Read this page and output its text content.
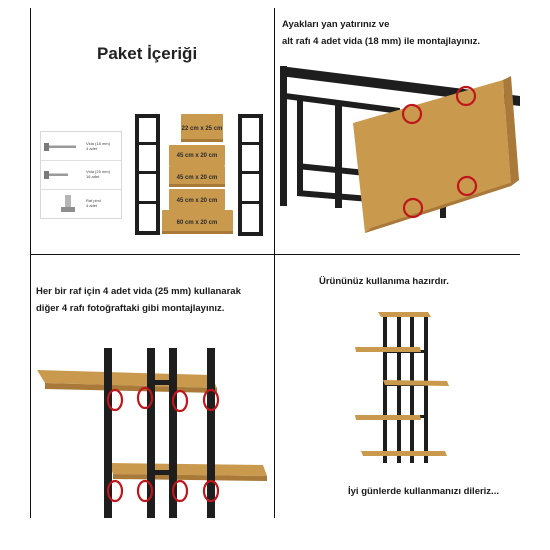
Paket İçeriği
Vida (18 mm)
4 adet
Vida (25 mm)
16 adet
Raf pimi
4 adet
22 cm x 25 cm
45 cm x 20 cm
45 cm x 20 cm
45 cm x 20 cm
60 cm x 20 cm
Ayakları yan yatırınız ve
alt rafı 4 adet vida (18 mm) ile montajlayınız.
Her bir raf için 4 adet vida (25 mm) kullanarak
diğer 4 rafı fotoğraftaki gibi montajlayınız.
Ürününüz kullanıma hazırdır.
İyi günlerde kullanmanızı dileriz...
